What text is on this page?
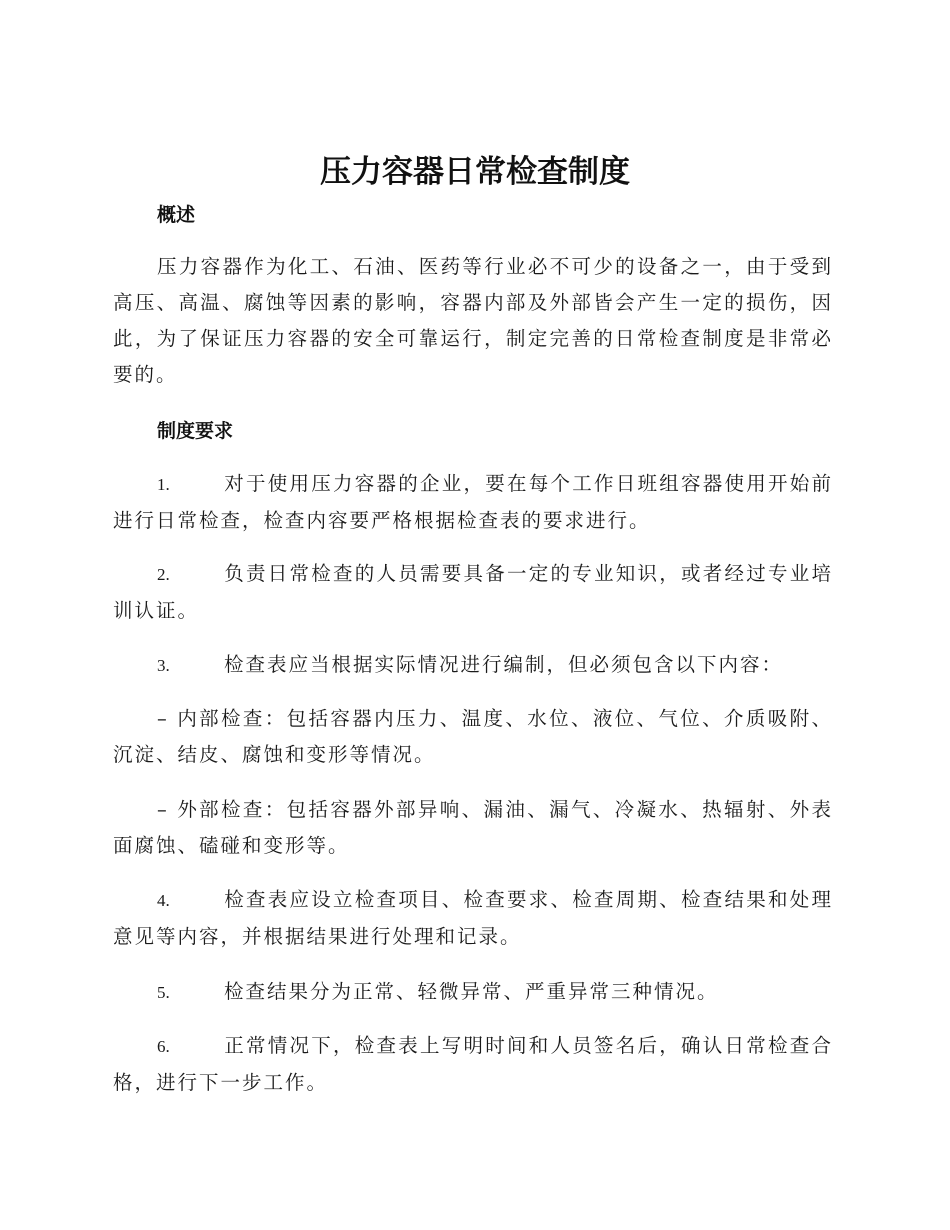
压力容器日常检查制度
概述

压力容器作为化工、石油、医药等行业必不可少的设备之一，由于受到高压、高温、腐蚀等因素的影响，容器内部及外部皆会产生一定的损伤，因此，为了保证压力容器的安全可靠运行，制定完善的日常检查制度是非常必要的。

制度要求

1.	对于使用压力容器的企业，要在每个工作日班组容器使用开始前进行日常检查，检查内容要严格根据检查表的要求进行。

2.	负责日常检查的人员需要具备一定的专业知识，或者经过专业培训认证。

3.	检查表应当根据实际情况进行编制，但必须包含以下内容：

– 内部检查：包括容器内压力、温度、水位、液位、气位、介质吸附、沉淀、结皮、腐蚀和变形等情况。

– 外部检查：包括容器外部异响、漏油、漏气、冷凝水、热辐射、外表面腐蚀、磕碰和变形等。

4.	检查表应设立检查项目、检查要求、检查周期、检查结果和处理意见等内容，并根据结果进行处理和记录。

5.	检查结果分为正常、轻微异常、严重异常三种情况。

6.	正常情况下，检查表上写明时间和人员签名后，确认日常检查合格，进行下一步工作。
